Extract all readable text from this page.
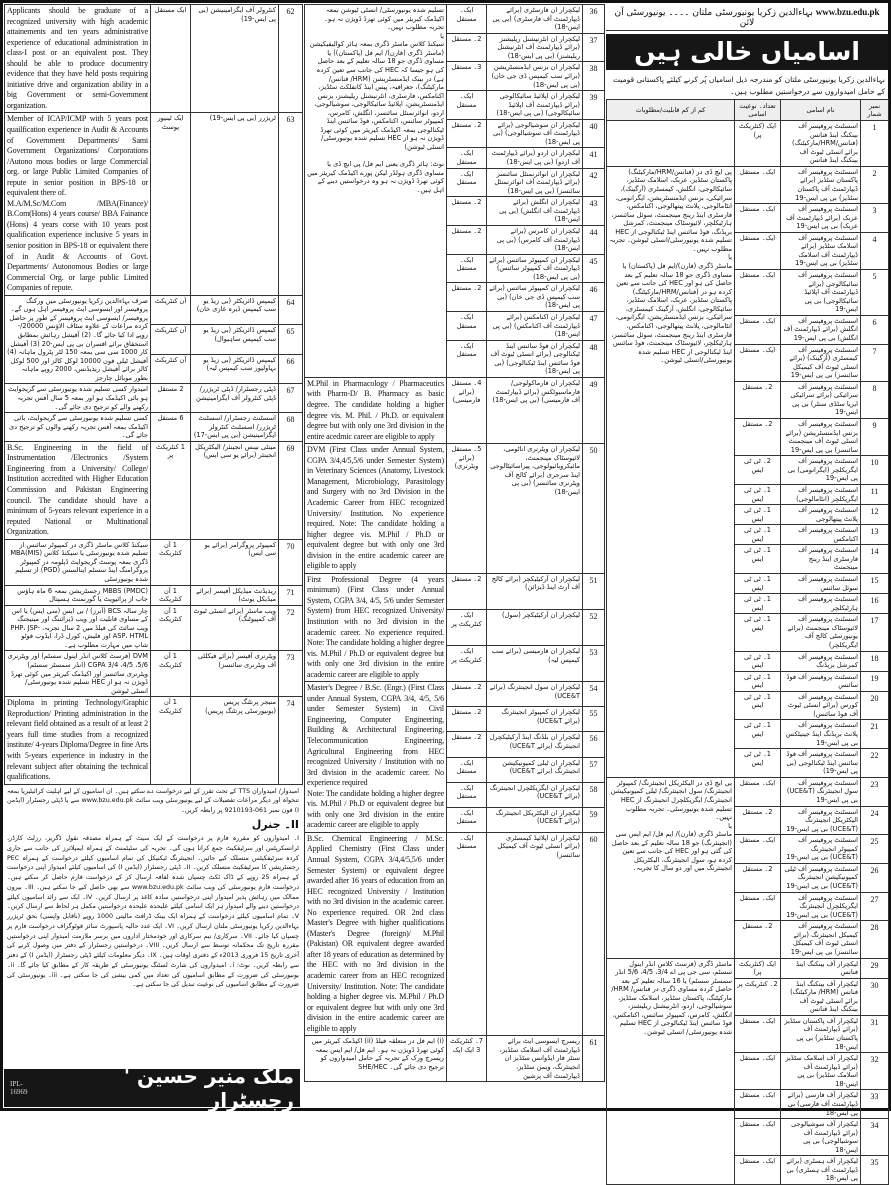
Applicants should be graduate of a recognized university with high academic attainements and ten years administrative experience of educational administration in class-I post or an equivalent post. They should be able to produce documentry evidence that they have held posts requiring initiative drive and organization ability in a big Government or semi-Government organization.	ایک مستقل	کنٹرولر آف ایگزامینیشن (بی پی ایس-19)	62
Member of ICAP/ICMP with 5 years post quailfication experience in Audit & Accounts of Government Departments/ Sami Government Organizations/ Corporations /Autono mous bodies or large Commercial org. or large Public Limited Companies of repute in senior position in BPS-18 or equivalent there of.
M.A/M.Sc/M.Com /MBA(Finance)/ B.Com(Hons) 4 years course/ BBA Fainance (Hons) 4 years corse with 10 years post qualification experience inclusive 5 years in senior position in BPS-18 or equivalent there of in Audit & Accounts of Govt. Departments/ Autonomous Bodies or large Commercial Org. or large public Limited Companies of repute.	ایک ٹینیور پوسٹ	ٹریژرر (بی پی ایس-19)	63
صرف بہاءالدین زکریا یونیورسٹی میں ورکنگ پروفیسر اور ایسوسی ایٹ پروفیسر اہل ہوں گے۔ پروفیسر/ ایسوسی ایٹ پروفیسر کے طور پر حاصل کردہ مراعات کے علاوہ سٹاف الاؤنس 20000/- روپے ادا کیا جائے گا۔ (2) آفیشل رہائش بمطابق استحقاق برائے افسران بی پی ایس-20 (3) آفیشل کار 1000 سی سی بمعہ 150 لٹر پٹرول ماہانہ (4) آفیشل ٹیلی فون 10000 لوکل کالز اور 500 لوکل کالز برائے آفیشل ریذیڈنس، 2000 روپے ماہانہ بطور موبائل چارجز	آن کنٹریکٹ	کیمپس ڈائریکٹر (بی زیڈ یو سب کیمپس ڈیرہ غازی خان)	64
	آن کنٹریکٹ	کیمپس ڈائریکٹر (بی زیڈ یو سب کیمپس ساہیوال)	65
	آن کنٹریکٹ	کیمپس ڈائریکٹر (بی زیڈ یو بہاولپور سب کیمپس لیہ)	66
امیدوار کسی تسلیم شدہ یونیورسٹی سے گریجوایٹ ہو بائی اکیڈمک ہو اور بمعہ 5 سال آفس تجربہ رکھنے والے کو ترجیح دی جائے گی۔	2 مستقل	ڈپٹی رجسٹرار/ ڈپٹی ٹریژرر/ ڈپٹی کنٹرولر آف ایگزامینیشن	67
کسی تسلیم شدہ یونیورسٹی سے گریجوایٹ، بائی اکیڈمک بمعہ آفس تجربہ رکھنے والوں کو ترجیح دی جائے گی۔	6 مستقل	اسسٹنٹ رجسٹرار/ اسسٹنٹ ٹریژرر/ اسسٹنٹ کنٹرولر ایگزامینیشن (بی پی ایس-17)	68
B.Sc. Engineering in the field of Instrumentation /Electronics /System Engineering from a University/ College/ Institution accredited with Higher Education Commission and Pakistan Engineering council. The candidate should have a minimum of 5-years relevant experience in a reputed National or Multinational Organization.	1 کنٹریکٹ پر	مینٹی نینس انجینئر/ الیکٹریکل انجینئر (برائے یو سی ایس)	69
سیکنڈ کلاس ماسٹر ڈگری در کمپیوٹر سائنس از تسلیم شدہ یونیورسٹی یا سیکنڈ کلاس (MIS)MBA ڈگری بمعہ پوسٹ گریجوایٹ ڈپلومہ در کمپیوٹر پروگرامنگ اینڈ سسٹم اینالسس (PGD) از تسلیم شدہ یونیورسٹی	1 آن کنٹریکٹ	کمپیوٹر پروگرامر (برائے یو سی ایس)	70
(PMDC) MBBS رجسٹریشن بمعہ 6 ماہ ہاؤس جاب از پرائیویٹ یا گورنمنٹ ہسپتال	1 آن کنٹریکٹ	ریذیڈنٹ میڈیکل آفیسر (برائے میڈیکل یونٹ)	71
چار سالہ BCS (آنرز) / بی ایس (سی ایس) یا اس کے مساوی قابلیت اور ویب ڈیزائننگ اور مینیجنگ ویب سائٹ کی فیلڈ میں 2 سال تجربہ، PHP، JSP-ASP، HTML اور فلیش، کورل ڈرا، ایڈوب فوٹو شاپ میں مہارت مطلوب ہے۔	1 آن کنٹریکٹ	ویب ماسٹر (برائے انسٹی ٹیوٹ آف کمپیوٹنگ)	72
DVM (فرسٹ کلاس انڈر اینول سسٹم) اور ویٹرنری 5/6، 4/5، 3/4 CGPA (انڈر سمسٹر سسٹم) ویٹرنری سائنسز اور اکیڈمک کیریئر میں کوئی تھرڈ ڈویژن نہ ہو از HEC تسلیم شدہ یونیورسٹی/ انسٹی ٹیوشن	1 آن کنٹریکٹ	ویٹرنری آفیسر (برائے فیکلٹی آف ویٹرنری سائنسز)	73
Diploma in printing Technology/Graphic Reproduction/ Printing administration in the relevant field obtained as a result of at least 2 years full time studies from a recognized institute/ 4-years Diploma/Degree in fine Arts with 5-years experience in industry in the relevant subject after obtaining the technical qualifications.	1 آن کنٹریکٹ	منیجر پرنٹنگ پریس (یونیورسٹی پرنٹنگ پریس)	74

امیدوار/ امیدواران TTS کے تحت تقرر کے لیے درخواست دے سکتے ہیں۔ ان اسامیوں کے لیے اہلیت کرائیٹیریا بمعہ تنخواہ اور دیگر مراعات تفصیلات کے لیے یونیورسٹی ویب سائٹ www.bzu.edu.pk سے یا ڈپٹی رجسٹرار (ایڈمن I) فون نمبر 061-9210193 پر رابطہ کریں۔

II۔ جنرل

I۔ امیدواروں کو مقررہ فارم پر درخواست کے ایک سیٹ کے ہمراہ مصدقہ نقول ڈگریز، رزلٹ کارڈز، ٹرانسکرپٹس اور سرٹیفکیٹ جمع کرانا ہوں گی۔ تجربہ کی سٹیٹمنٹ کے ہمراہ ایمپلائرز کی جانب سے جاری کردہ سرٹیفکیٹس منسلک کیے جائیں۔ انجینئرنگ ٹیکنیکل کی تمام اسامیوں کیلئے درخواست کے ہمراہ PEC رجسٹریشن کا سرٹیفکیٹ منسلک کریں۔ II۔ ڈپٹی رجسٹرار (ایڈمن I) کی اسامیوں کیلئے امیدوار اپنی درخواست کے ہمراہ 25 روپے کے ڈاک ٹکٹ چسپاں شدہ لفافہ ارسال کر کے درخواست فارم حاصل کر سکتے ہیں۔ درخواست فارم یونیورسٹی کی ویب سائٹ www.bzu.edu.pk سے بھی حاصل کیے جا سکتے ہیں۔ III۔ بیرون ممالک میں رہائش پذیر امیدوار اپنی درخواستیں سادہ کاغذ پر ارسال کریں۔ IV۔ ایک سے زائد اسامیوں کیلئے درخواستیں دینے والے امیدوار ہر ایک اسامی کیلئے علیحدہ علیحدہ درخواستیں مکمل ہر لحاظ سے ارسال کریں۔ V۔ تمام اسامیوں کیلئے درخواست کے ہمراہ ایک بینک ڈرافٹ مالیتی 1000 روپے (ناقابل واپسی) بحق ٹریژرر بہاءالدین زکریا یونیورسٹی ملتان ارسال کریں۔ VI۔ ایک عدد حالیہ پاسپورٹ سائز فوٹوگراف درخواست فارم پر چسپاں کیا جائے۔ VII۔ سرکاری/ نیم سرکاری اور خودمختار اداروں میں برسر ملازمت امیدوار اپنی درخواستیں مقررہ تاریخ تک محکمانہ توسط سے ارسال کریں۔ VIII۔ درخواستیں رجسٹرار کے دفتر میں وصول کرنے کی آخری تاریخ 15 فروری 2013ء کے دفتری اوقات ہیں۔ IX۔ دیگر معلومات کیلئے ڈپٹی رجسٹرار (ایڈمن I) کے دفتر سے رابطہ کریں۔ نوٹ: i۔ امیدواروں کی شارٹ لسٹنگ یونیورسٹی کے طریقہ کار کے مطابق کیا جائے گا۔ ii۔ یونیورسٹی کی ضرورت کے مطابق اسامیوں کی تعداد میں کمی بیشی کی جا سکتی ہے۔ iii۔ یونیورسٹی کی ضرورت کے مطابق اسامیوں کی نوعیت تبدیل کی جا سکتی ہے۔

IPL-16969
ملک منیر حسین ' رجسٹرار
تسلیم شدہ یونیورسٹی/ انسٹی ٹیوشن بمعہ اکیڈمک کیریئر میں کوئی تھرڈ ڈویژن نہ ہو۔ تجربہ مطلوب نہیں۔
یا
سیکنڈ کلاس ماسٹر ڈگری بمعہ ہائر کوالیفیکیشن (ماسٹر ڈگری (فارن)/ ایم فل (پاکستان)) یا مساوی ڈگری جو 18 سالہ تعلیم کے بعد حاصل کی ہو جیسا کہ HEC کی جانب سے تعین کردہ ہے) در بینک ایڈمنسٹریشن (HRM/ فنانس/ مارکیٹنگ)، جغرافیہ، پیس اینڈ کانفلکٹ سٹڈیز، اکنامکس، فارسٹری، انٹرنیشنل ریلیشنز، بزنس ایڈمنسٹریشن، اپلائیڈ سائیکالوجی، سوشیالوجی، اردو، انوائرنمنٹل سائنسز، انگلش، کامرس، کمپیوٹر سائنس، اکنامکس، فوڈ سائنس اینڈ ٹیکنالوجی بمعہ اکیڈمک کیریئر میں کوئی تھرڈ ڈویژن نہ ہو از HEC تسلیم شدہ یونیورسٹی/ انسٹی ٹیوشن)

نوٹ: ہائر ڈگری یعنی ایم فل/ پی ایچ ڈی یا مساوی ڈگری ہولڈر لیکن پورے اکیڈمک کیریئر میں کوئی تھرڈ ڈویژن نہ ہو وہ درخواستیں دینے کے اہل ہیں۔	ایک۔ مستقل	لیکچرار ان فارسٹری (برائے ڈیپارٹمنٹ آف فارسٹری) (بی پی ایس-18)	36
	2۔ مستقل	لیکچرار ان انٹرنیشنل ریلیشنز (برائے ڈیپارٹمنٹ آف انٹرنیشنل ریلیشنز) (بی پی ایس-18)	37
	3۔ مستقل	لیکچرار ان بزنس ایڈمنسٹریشن (برائے سب کیمپس ڈی جی خان) (بی پی ایس-18)	38
	ایک۔ مستقل	لیکچرار ان اپلائیڈ سائیکالوجی (برائے ڈیپارٹمنٹ آف اپلائیڈ سائیکالوجی) (بی پی ایس-18)	39
	2۔ مستقل	لیکچرار ان سوشیالوجی (برائے ڈیپارٹمنٹ آف سوشیالوجی) (بی پی ایس-18)	40
	ایک۔ مستقل	لیکچرار ان اردو (برائے ڈیپارٹمنٹ آف اردو) (بی پی ایس-18)	41
	ایک۔ مستقل	لیکچرار ان انوائرنمنٹل سائنسز (برائے ڈیپارٹمنٹ آف انوائرنمنٹل سائنسز) (بی پی ایس-18)	42
	2۔ مستقل	لیکچرار ان انگلش (برائے ڈیپارٹمنٹ آف انگلش) (بی پی ایس-18)	43
	2۔ مستقل	لیکچرار ان کامرس (برائے ڈیپارٹمنٹ آف کامرس) (بی پی ایس-18)	44
	ایک۔ مستقل	لیکچرار ان کمپیوٹر سائنس (برائے ڈیپارٹمنٹ آف کمپیوٹر سائنس) (بی پی ایس-18)	45
	2۔ مستقل	لیکچرار ان کمپیوٹر سائنس (برائے سب کیمپس ڈی جی خان) (بی پی ایس-18)	46
	ایک۔ مستقل	لیکچرار ان اکنامکس (برائے ڈیپارٹمنٹ آف اکنامکس) (بی پی ایس-18)	47
	ایک۔ مستقل	لیکچرار ان فوڈ سائنس اینڈ ٹیکنالوجی (برائے انسٹی ٹیوٹ آف فوڈ سائنس اینڈ ٹیکنالوجی) (بی پی ایس-18)	48
M.Phil in Pharmacology / Pharmaceutics with Pharm-D/ B. Pharmacy as basic degree. The candidate holding a higher degree vis. M. Phil. / Ph.D. or equivalent degree but with only one 3rd division in the entire acedmic career are eligible to apply	4۔ مستقل (برائے فارمیسی)	لیکچرار ان فارماکولوجی/ فارماسیوٹکس (برائے ڈیپارٹمنٹ آف فارمیسی) (بی پی ایس-18)	49
DVM (First Class under Annual System, CGPA 3/4,4/5,5/6 under Semester System) in Veterinary Sciences (Anatomy, Livestock Management, Microbiology, Parasitology and Surgery with no 3rd Division in the Academic Career from HEC recognized University/ Institution. No experience required. Note: The candidate holding a higher degree vis. M.Phil / Ph.D or equivalent degree but with only one 3rd division in the entire academic career are eligible to apply	5۔ مستقل (برائے ویٹرنری)	لیکچرار ان ویٹرنری اناٹومی، لائیوسٹاک مینجمنٹ، مائیکروبائیولوجی، پیراسائیٹالوجی اینڈ سرجری (برائے کالج آف ویٹرنری سائنسز) (بی پی ایس-18)	50
First Professional Degree (4 years minimum) (First Class under Annual System, CGPA 3/4, 4/5, 5/6 under Semester System) from HEC recognized University/ Institution with no 3rd division in the academic career. No experience required. Note: The candidate holding a higher degree vis. M.Phil / Ph.D or equivalent degree but with only one 3rd division in the entire academic career are eligible to apply	2۔ مستقل	لیکچرار ان آرکیٹیکچر (برائے کالج آف آرٹ اینڈ ڈیزائن)	51
	ایک۔ کنٹریکٹ پر	لیکچرار ان آرکیٹیکچر (سول)	52
	ایک۔ کنٹریکٹ پر	لیکچرار ان فارمیسی (برائے سب کیمپس لیہ)	53
Master's Degree / B.Sc. (Engr.) (First Class under Annual System, CGPA 3/4, 4/5, 5/6 under Semester System) in Civil Engineering, Computer Engineering, Building & Architectural Engineering, Telecommunication Engineering, Agricultural Engineering from HEC recognized University / Institution with no 3rd division in the academic career. No experience required
Note: The candidate holding a higher degree vis. M.Phil / Ph.D or equivalent degree but with only one 3rd division in the entire academic career are eligible to apply	2۔ مستقل	لیکچرار ان سول انجینئرنگ (برائے UCE&T)	54
	2۔ مستقل	لیکچرار ان کمپیوٹر انجینئرنگ (برائے UCE&T)	55
	2۔ مستقل	لیکچرار ان بلڈنگ اینڈ آرکیٹیکچرل انجینئرنگ (برائے UCE&T)	56
	ایک۔ مستقل	لیکچرار ان ٹیلی کمیونیکیشن انجینئرنگ (برائے UCE&T)	57
	ایک۔ مستقل	لیکچرار ان ایگریکلچرل انجینئرنگ (برائے UCE&T)	58
	ایک۔ مستقل	لیکچرار ان الیکٹریکل انجینئرنگ (برائے UCE&T)	59
B.Sc. Chemical Engineering / M.Sc. Applied Chemistry (First Class under Annual System, CGPA 3/4,4/5,5/6 under Semester System) or equivalent degree awarded after 16 years of education from an HEC recognized University / Institution with no 3rd division in the academic career. No experience required. OR 2nd class Master's Degree with higher qualifications (Master's Degree (foreign)/ M.Phil (Pakistan) OR equivalent degree awarded after 18 years of education as determined by the HEC with no 3rd division in the academic career from an HEC recognized University/ Institution. Note: The candidate holding a higher degree vis. M.Phil / Ph.D or equivalent degree but with only one 3rd division in the entire academic career are eligible to apply	ایک۔ مستقل	لیکچرار ان اپلائیڈ کیمسٹری (برائے انسٹی ٹیوٹ آف کیمیکل سائنسز)	60
(i) ایم فل در متعلقہ فیلڈ (ii) اکیڈمک کیریئر میں کوئی تھرڈ ڈویژن نہ ہو۔ ایم فل/ ایم ایس بمعہ ریسرچ ورک کے تجربہ کے حامل امیدواروں کو ترجیح دی جائے گی۔ SHE/HEC	7۔ کنٹریکٹ 3 ایک ایک	ریسرچ ایسوسی ایٹ برائے ڈیپارٹمنٹ آف اسلامک سٹڈیز، سنٹر فار ایڈوانس سٹڈیز ان انجینئرنگ، ویمن سٹڈیز، ڈیپارٹمنٹ آف پرشین	61
www.bzu.edu.pk بہاءالدین زکریا یونیورسٹی ملتان ۔۔۔۔ یونیورسٹی آن لائن
اسامیاں خالی ہیں
بہاءالدین زکریا یونیورسٹی ملتان کو مندرجہ ذیل اسامیاں پُر کرنے کیلئے پاکستانی قومیت کے حامل امیدواروں سے درخواستیں مطلوب ہیں۔
کم از کم قابلیت/مطلوبات	تعداد۔ نوعیت اسامی	نام اسامی	نمبر شمار
	ایک (کنٹریکٹ پر)	اسسٹنٹ پروفیسر آف بینکنگ اینڈ فنانس (فنانس/HRM/مارکیٹنگ) برائے انسٹی ٹیوٹ آف بینکنگ اینڈ فنانس	1
پی ایچ ڈی در (فنانس/HRM/مارکیٹنگ) پاکستان سٹڈیز، عربک، اسلامک سٹڈیز، سائیکالوجی، انگلش، کیمسٹری (آرگینک)، سرائیکی، بزنس ایڈمنسٹریشن، ایگرانومی، انٹامالوجی، پلانٹ پیتھالوجی، اکنامکس، فارسٹری اینڈ رینج مینجمنٹ، سوئل سائنسز، ہارٹیکلچر، لائیوسٹاک مینجمنٹ، کمرشل بریڈنگ، فوڈ سائنس اینڈ ٹیکنالوجی از HEC تسلیم شدہ یونیورسٹی/انسٹی ٹیوشن۔ تجربہ مطلوب نہیں۔
یا
ماسٹر ڈگری (فارن)/ایم فل (پاکستان) یا مساوی ڈگری جو 18 سالہ تعلیم کے بعد حاصل کی ہو اور HEC کی جانب سے تعین کردہ ہو در (فنانس/HRM/مارکیٹنگ) پاکستان سٹڈیز، عربک، اسلامک سٹڈیز، سائیکالوجی، انگلش، آرگینک کیمسٹری، سرائیکی، بزنس ایڈمنسٹریشن، ایگرانومی، انٹامالوجی، پلانٹ پیتھالوجی، اکنامکس، فارسٹری اینڈ رینج مینجمنٹ، سوئل سائنسز، ہارٹیکلچر، لائیوسٹاک مینجمنٹ، فوڈ سائنس اینڈ ٹیکنالوجی از HEC تسلیم شدہ یونیورسٹی/انسٹی ٹیوشن۔	ایک۔ مستقل	اسسٹنٹ پروفیسر آف پاکستان سٹڈیز (برائے ڈیپارٹمنٹ آف پاکستان سٹڈیز) بی پی ایس-19	2
	ایک۔ مستقل	اسسٹنٹ پروفیسر آف عربک (برائے ڈیپارٹمنٹ آف عربک) بی پی ایس-19	3
	ایک۔ مستقل	اسسٹنٹ پروفیسر آف اسلامک سٹڈیز (برائے ڈیپارٹمنٹ آف اسلامک سٹڈیز) بی پی ایس-19	4
	ایک۔ مستقل	اسسٹنٹ پروفیسر آف سائیکالوجی (برائے ڈیپارٹمنٹ آف اپلائیڈ سائیکالوجی) بی پی ایس-19	5
	ایک۔ مستقل	اسسٹنٹ پروفیسر آف انگلش (برائے ڈیپارٹمنٹ آف انگلش) بی پی ایس-19	6
	ایک۔ مستقل	اسسٹنٹ پروفیسر آف کیمسٹری (آرگینک) (برائے انسٹی ٹیوٹ آف کیمیکل سائنسز) بی پی ایس-19	7
	2۔ مستقل	اسسٹنٹ پروفیسر آف سرائیکی (برائے سرائیکی ایریا سٹڈی سنٹر) بی پی ایس-19	8
	2۔ مستقل	اسسٹنٹ پروفیسر آف بزنس ایڈمنسٹریشن (برائے انسٹی ٹیوٹ آف مینجمنٹ سائنسز) بی پی ایس-19	9
	2۔ ٹی ٹی ایس	اسسٹنٹ پروفیسر آف ایگریکلچر (ایگرانومی) بی پی ایس-19	10
	1۔ ٹی ٹی ایس	اسسٹنٹ پروفیسر آف ایگریکلچر (انٹامالوجی)	11
	1۔ ٹی ٹی ایس	اسسٹنٹ پروفیسر آف پلانٹ پیتھالوجی	12
	1۔ ٹی ٹی ایس	اسسٹنٹ پروفیسر آف اکنامکس	13
	1۔ ٹی ٹی ایس	اسسٹنٹ پروفیسر آف فارسٹری اینڈ رینج مینجمنٹ	14
	1۔ ٹی ٹی ایس	اسسٹنٹ پروفیسر آف سوئل سائنس	15
	1۔ ٹی ٹی ایس	اسسٹنٹ پروفیسر آف ہارٹیکلچر	16
	1۔ ٹی ٹی ایس	اسسٹنٹ پروفیسر آف لائیوسٹاک مینجمنٹ (برائے یونیورسٹی کالج آف ایگریکلچر)	17
	1۔ ٹی ٹی ایس	اسسٹنٹ پروفیسر آف کمرشل بریڈنگ	18
	1۔ ٹی ٹی ایس	اسسٹنٹ پروفیسر آف فوڈ سائنس	19
	1۔ ٹی ٹی ایس	اسسٹنٹ پروفیسر آف کورس (برائے انسٹی ٹیوٹ آف فوڈ سائنس)	20
	1۔ ٹی ٹی ایس	اسسٹنٹ پروفیسر آف پلانٹ بریڈنگ اینڈ جینیٹکس بی پی ایس-19	21
	1۔ ٹی ٹی ایس	اسسٹنٹ پروفیسر آف فوڈ سائنس اینڈ ٹیکنالوجی (بی پی ایس-19)	22
پی ایچ ڈی در الیکٹریکل انجینئرنگ/ کمپیوٹر انجینئرنگ/ سول انجینئرنگ/ ٹیلی کمیونیکیشن انجینئرنگ/ ایگریکلچرل انجینئرنگ از HEC تسلیم شدہ یونیورسٹی۔ تجربہ مطلوب نہیں۔
یا
ماسٹر ڈگری (فارن)/ ایم فل/ ایم ایس سی (انجینئرنگ) جو 18 سالہ تعلیم کے بعد حاصل کی گئی ہو اور HEC کی جانب سے تعین کردہ ہو، سول انجینئرنگ، الیکٹریکل انجینئرنگ میں اور دو سال کا تجربہ۔	ایک۔ مستقل	اسسٹنٹ پروفیسر آف سول انجینئرنگ (UCE&T) بی پی ایس-19	23
	2۔ مستقل	اسسٹنٹ پروفیسر آف الیکٹریکل انجینئرنگ (UCE&T) بی پی ایس-19	24
	ایک۔ مستقل	اسسٹنٹ پروفیسر آف کمپیوٹر انجینئرنگ (UCE&T) بی پی ایس-19	25
	2۔ مستقل	اسسٹنٹ پروفیسر آف ٹیلی کمیونیکیشن انجینئرنگ (UCE&T) بی پی ایس-19	26
	ایک۔ مستقل	اسسٹنٹ پروفیسر آف ایگریکلچرل انجینئرنگ (UCE&T) بی پی ایس-19	27
	2۔ مستقل	اسسٹنٹ پروفیسر آف کیمیکل انجینئرنگ (برائے انسٹی ٹیوٹ آف کیمیکل سائنسز) بی پی ایس-19	28
ماسٹر ڈگری (فرسٹ کلاس انڈر اینول سسٹم، سی جی پی اے 3/4، 4/5، 5/6 انڈر سمسٹر سسٹم) یا 16 سالہ تعلیم کے بعد حاصل کردہ مساوی ڈگری در فنانس/ HRM/ مارکیٹنگ، پاکستان سٹڈیز، اسلامک سٹڈیز، سوشیالوجی، اردو، انٹرنیشنل ریلیشنز، انگلش، کامرس، کمپیوٹر سائنس، اکنامکس، فوڈ سائنس اینڈ ٹیکنالوجی از HEC تسلیم شدہ یونیورسٹی/ انسٹی ٹیوشن۔	ایک (کنٹریکٹ پر)	لیکچرار آف بینکنگ اینڈ فنانس	29
	2۔ کنٹریکٹ پر	لیکچرار آف بینکنگ اینڈ فنانس (HRM/ مارکیٹنگ) برائے انسٹی ٹیوٹ آف بینکنگ اینڈ فنانس	30
	ایک۔ مستقل	لیکچرار آف پاکستان سٹڈیز (برائے ڈیپارٹمنٹ آف پاکستان سٹڈیز) بی پی ایس-18	31
	ایک۔ مستقل	لیکچرار آف اسلامک سٹڈیز (برائے ڈیپارٹمنٹ آف اسلامک سٹڈیز) بی پی ایس-18	32
	ایک۔ مستقل	لیکچرار آف فارسی (برائے ڈیپارٹمنٹ آف فارسی) بی پی ایس-18	33
	ایک۔ مستقل	لیکچرار آف سوشیالوجی (برائے ڈیپارٹمنٹ آف سوشیالوجی) بی پی ایس-18	34
	ایک۔ مستقل	لیکچرار آف ہسٹری (برائے ڈیپارٹمنٹ آف ہسٹری) بی پی ایس-18	35
